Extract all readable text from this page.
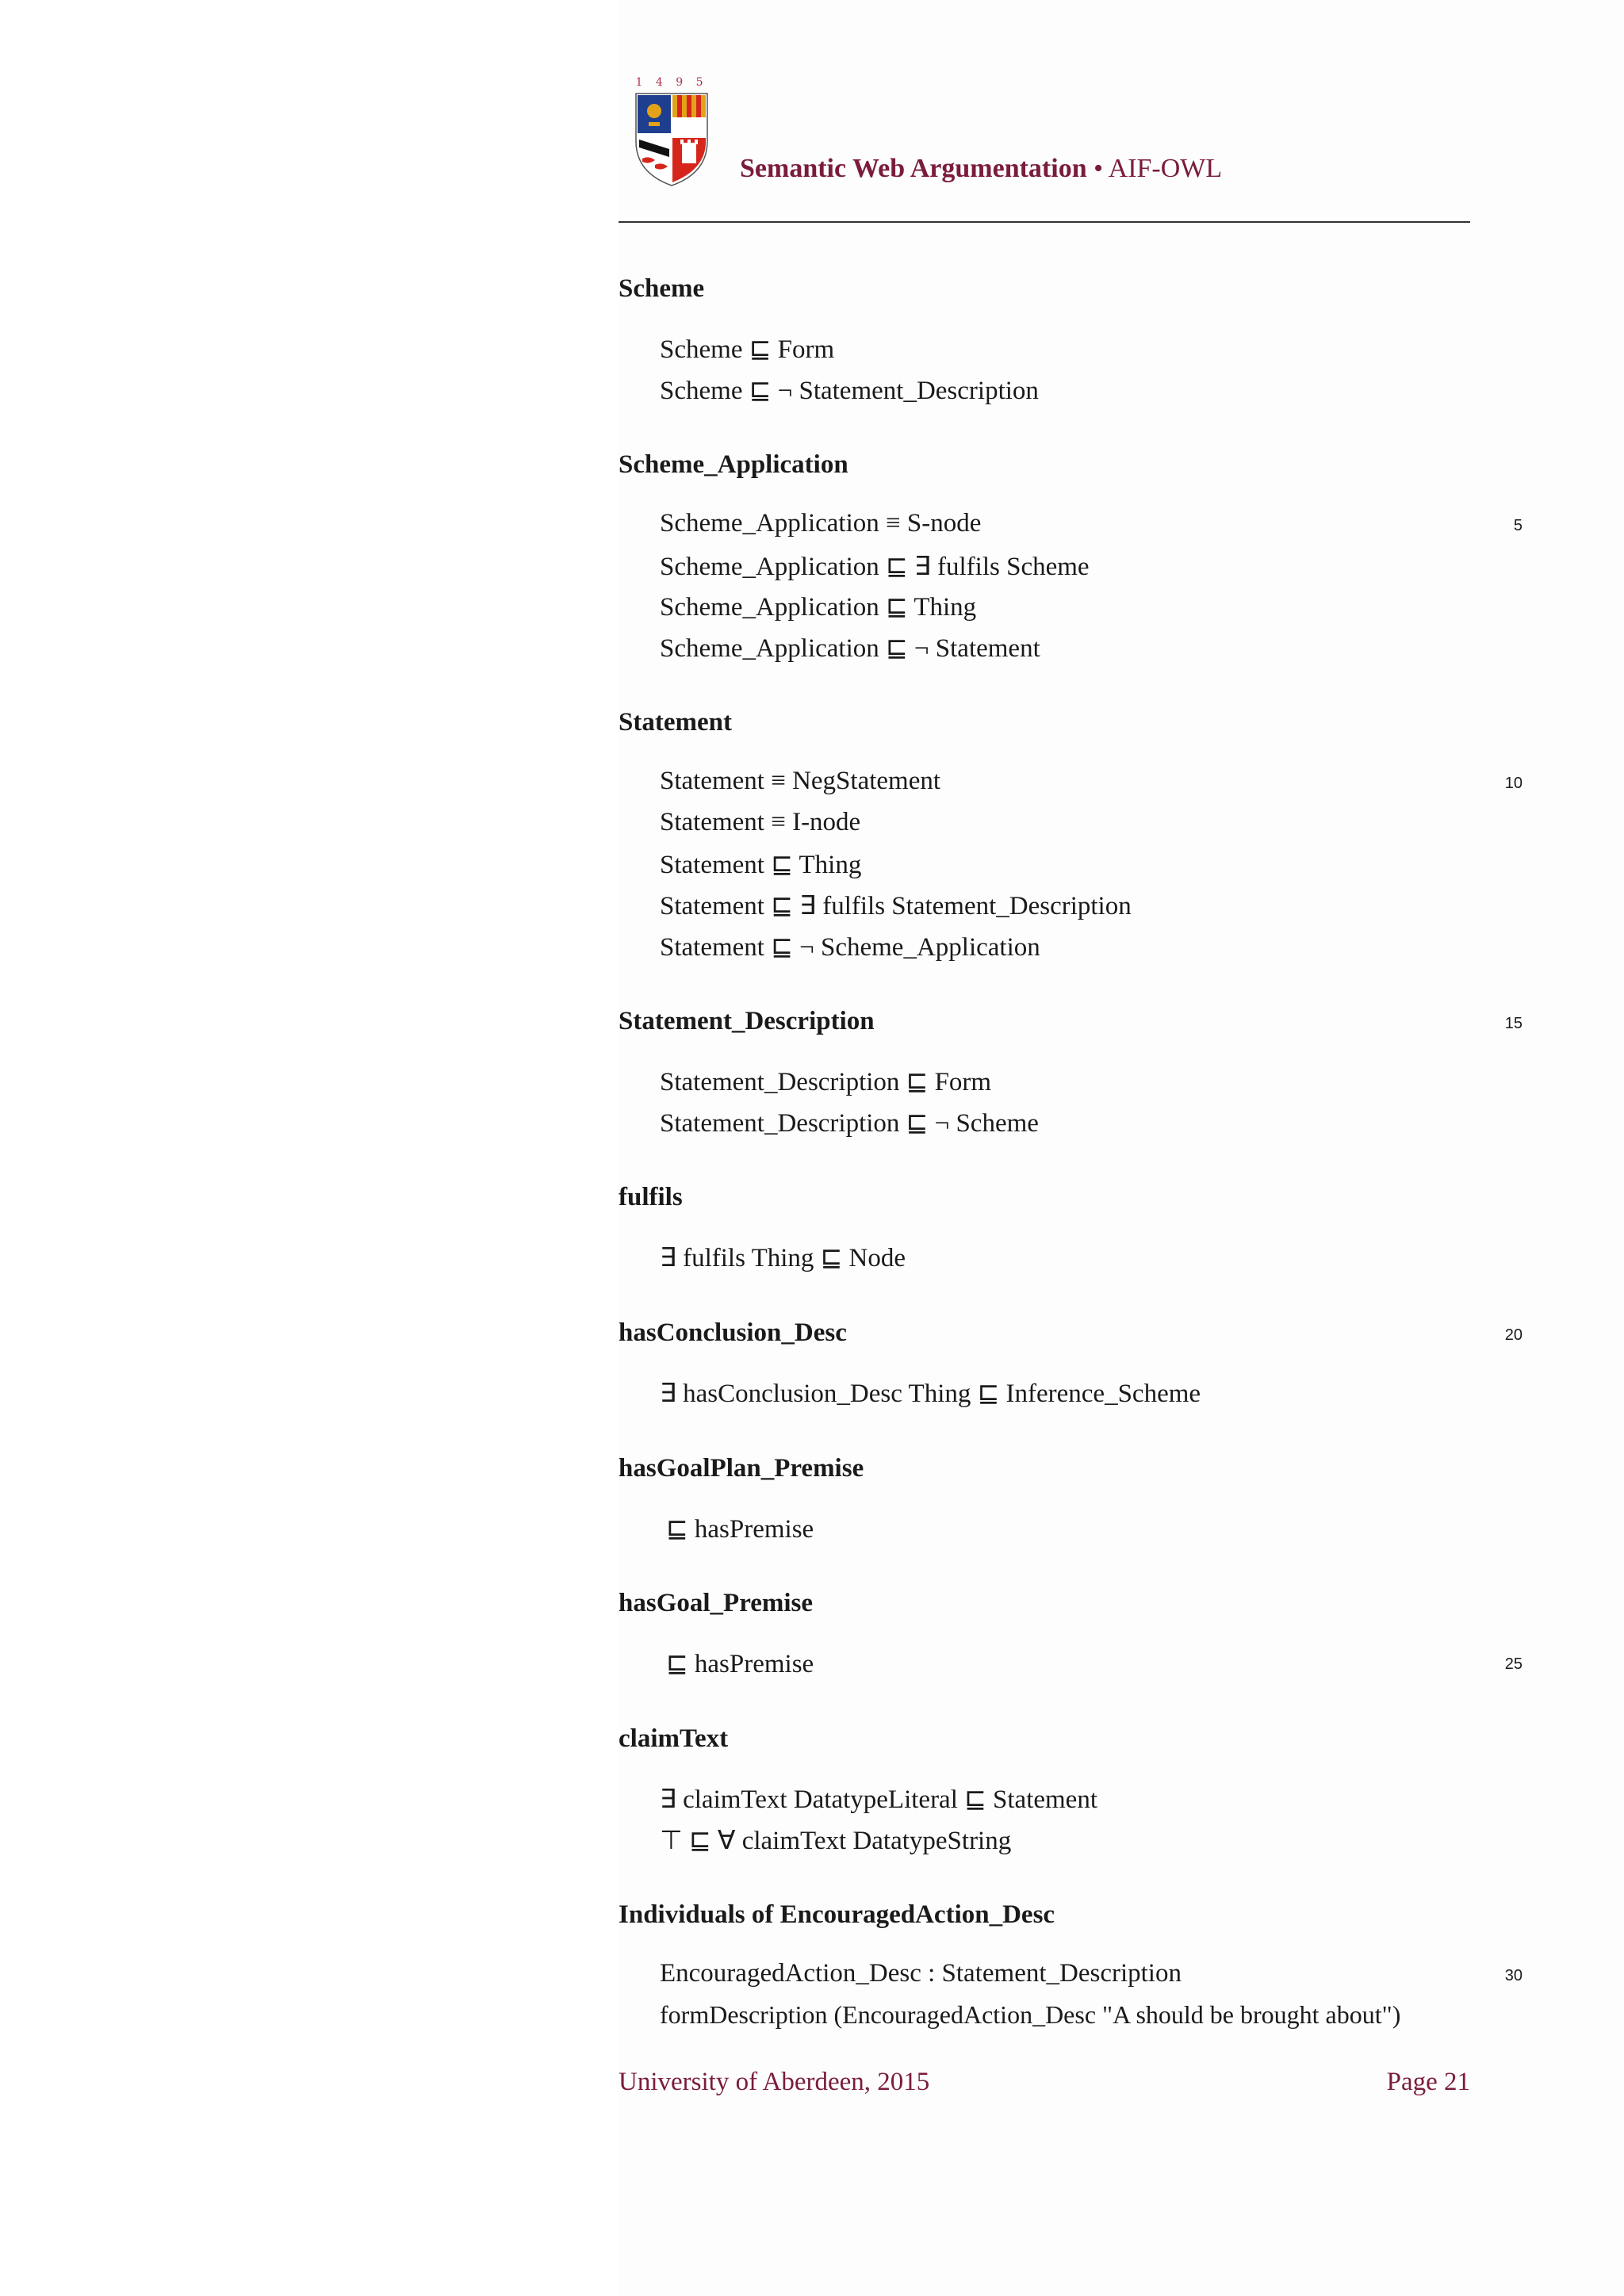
1 4 9 5
Semantic Web Argumentation • AIF-OWL
Scheme
Scheme ⊑ Form
Scheme ⊑ ¬ Statement_Description
Scheme_Application
Scheme_Application ≡ S-node
Scheme_Application ⊑ ∃ fulfils Scheme
Scheme_Application ⊑ Thing
Scheme_Application ⊑ ¬ Statement
Statement
Statement ≡ NegStatement
Statement ≡ I-node
Statement ⊑ Thing
Statement ⊑ ∃ fulfils Statement_Description
Statement ⊑ ¬ Scheme_Application
Statement_Description
Statement_Description ⊑ Form
Statement_Description ⊑ ¬ Scheme
fulfils
∃ fulfils Thing ⊑ Node
hasConclusion_Desc
∃ hasConclusion_Desc Thing ⊑ Inference_Scheme
hasGoalPlan_Premise
⊑ hasPremise
hasGoal_Premise
⊑ hasPremise
claimText
∃ claimText DatatypeLiteral ⊑ Statement
⊤ ⊑ ∀ claimText DatatypeString
Individuals of EncouragedAction_Desc
EncouragedAction_Desc : Statement_Description
formDescription (EncouragedAction_Desc "A should be brought about")
5
10
15
20
25
30
University of Aberdeen, 2015	Page 21
